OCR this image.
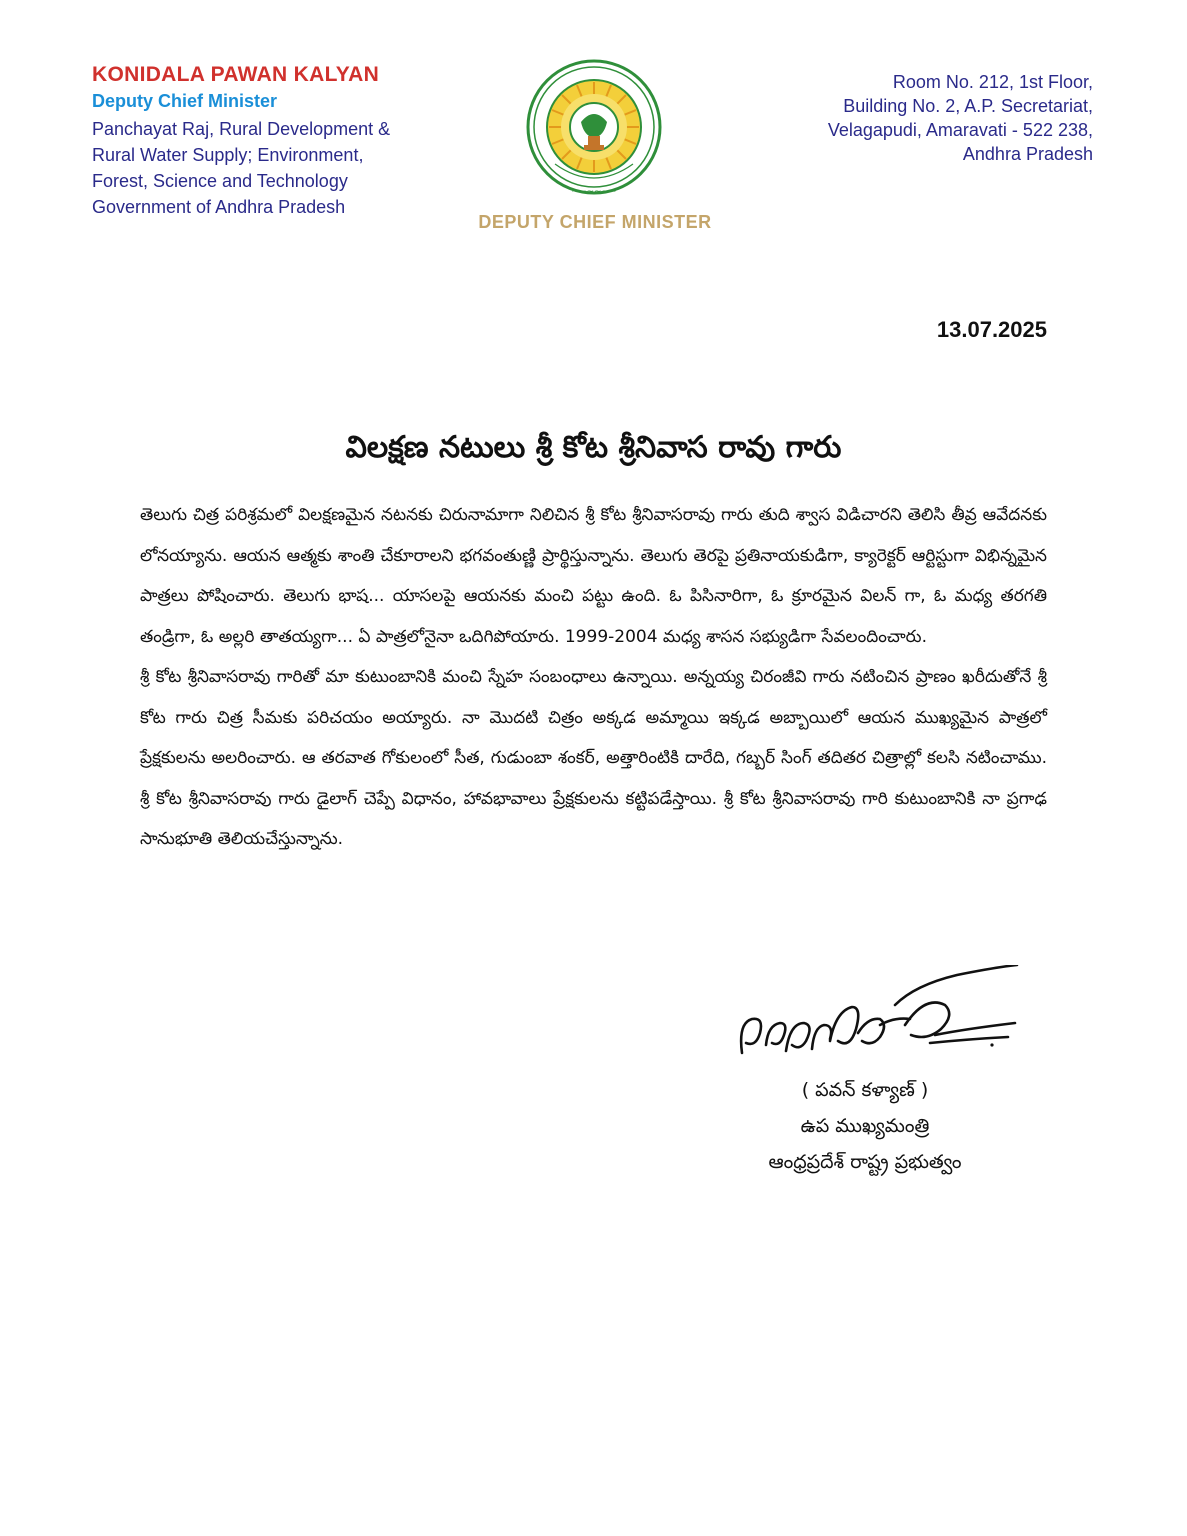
KONIDALA PAWAN KALYAN
Deputy Chief Minister
Panchayat Raj, Rural Development &
Rural Water Supply; Environment,
Forest, Science and Technology
Government of Andhra Pradesh
~~~~~~
DEPUTY CHIEF MINISTER
Room No. 212, 1st Floor,
Building No. 2, A.P. Secretariat,
Velagapudi, Amaravati - 522 238,
Andhra Pradesh
13.07.2025
విలక్షణ నటులు శ్రీ కోట శ్రీనివాస రావు గారు

తెలుగు చిత్ర పరిశ్రమలో విలక్షణమైన నటనకు చిరునామాగా నిలిచిన శ్రీ కోట శ్రీనివాసరావు గారు తుది శ్వాస విడిచారని తెలిసి తీవ్ర ఆవేదనకు లోనయ్యాను. ఆయన ఆత్మకు శాంతి చేకూరాలని భగవంతుణ్ణి ప్రార్థిస్తున్నాను. తెలుగు తెరపై ప్రతినాయకుడిగా, క్యారెక్టర్ ఆర్టిస్టుగా విభిన్నమైన పాత్రలు పోషించారు. తెలుగు భాష... యాసలపై ఆయనకు మంచి పట్టు ఉంది. ఓ పిసినారిగా, ఓ క్రూరమైన విలన్ గా, ఓ మధ్య తరగతి తండ్రిగా, ఓ అల్లరి తాతయ్యగా... ఏ పాత్రలోనైనా ఒదిగిపోయారు. 1999-2004 మధ్య శాసన సభ్యుడిగా సేవలందించారు.

శ్రీ కోట శ్రీనివాసరావు గారితో మా కుటుంబానికి మంచి స్నేహ సంబంధాలు ఉన్నాయి. అన్నయ్య చిరంజీవి గారు నటించిన ప్రాణం ఖరీదుతోనే శ్రీ కోట గారు చిత్ర సీమకు పరిచయం అయ్యారు. నా మొదటి చిత్రం అక్కడ అమ్మాయి ఇక్కడ అబ్బాయిలో ఆయన ముఖ్యమైన పాత్రలో ప్రేక్షకులను అలరించారు. ఆ తరవాత గోకులంలో సీత, గుడుంబా శంకర్, అత్తారింటికి దారేది, గబ్బర్ సింగ్ తదితర చిత్రాల్లో కలసి నటించాము. శ్రీ కోట శ్రీనివాసరావు గారు డైలాగ్ చెప్పే విధానం, హావభావాలు ప్రేక్షకులను కట్టిపడేస్తాయి. శ్రీ కోట శ్రీనివాసరావు గారి కుటుంబానికి నా ప్రగాఢ సానుభూతి తెలియచేస్తున్నాను.

( పవన్ కళ్యాణ్ )
ఉప ముఖ్యమంత్రి
ఆంధ్రప్రదేశ్ రాష్ట్ర ప్రభుత్వం
